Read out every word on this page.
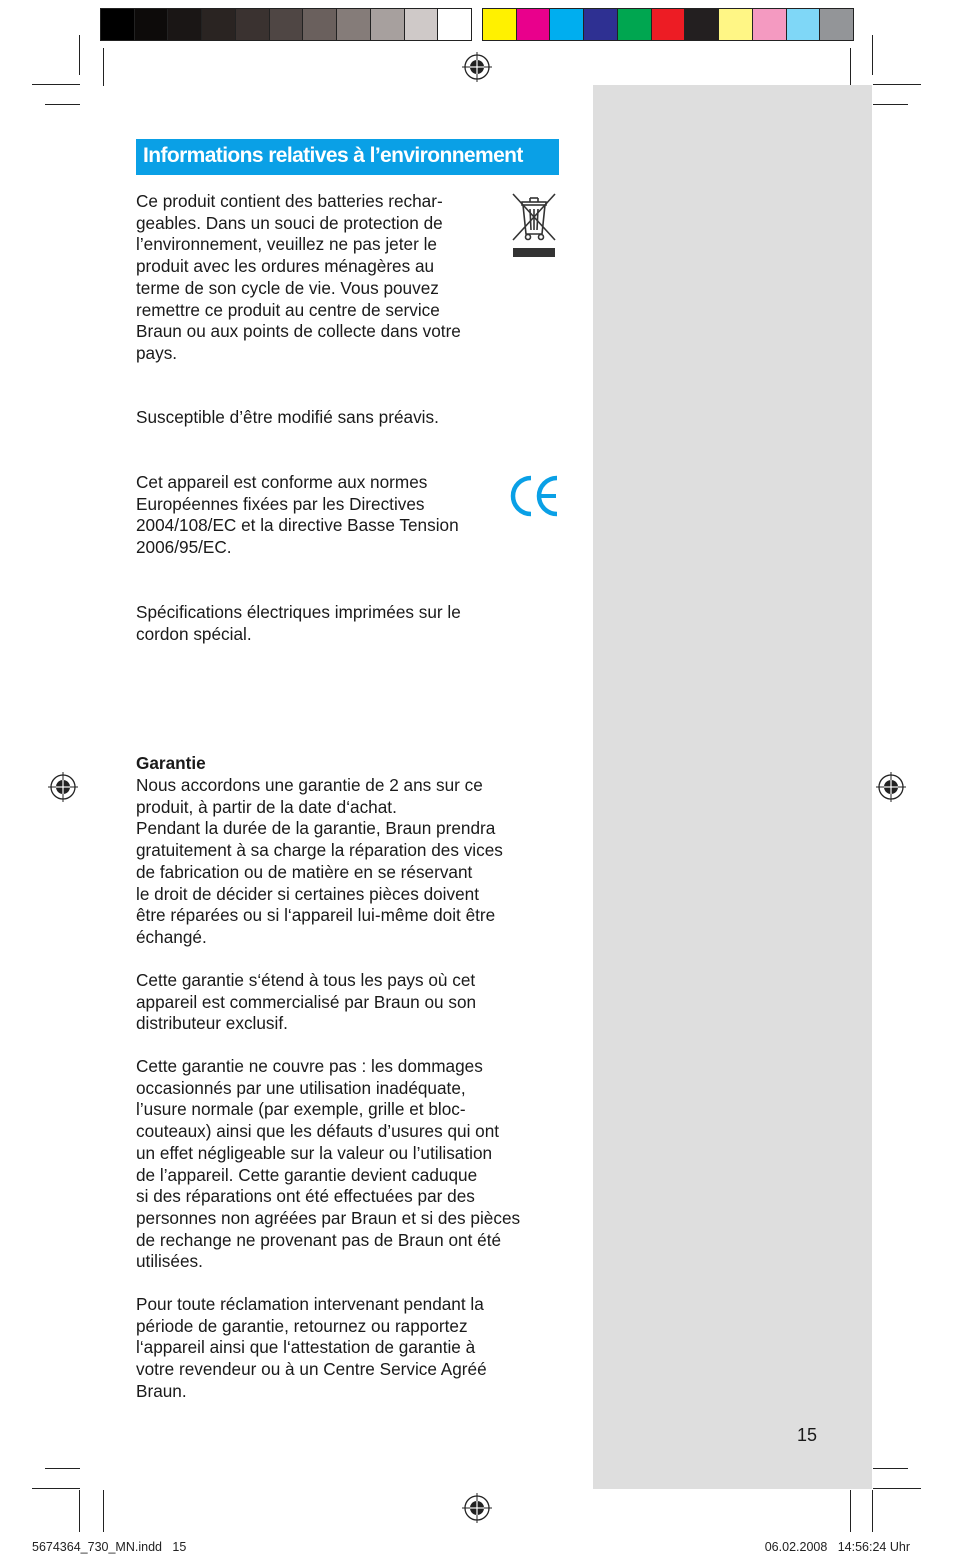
Informations relatives à l’environnement

Ce produit contient des batteries rechar-
geables. Dans un souci de protection de
l’environnement, veuillez ne pas jeter le
produit avec les ordures ménagères au
terme de son cycle de vie. Vous pouvez
remettre ce produit au centre de service
Braun ou aux points de collecte dans votre
pays.

Susceptible d’être modifié sans préavis.

Cet appareil est conforme aux normes
Européennes fixées par les Directives
2004/108/EC et la directive Basse Tension
2006/95/EC.

Spécifications électriques imprimées sur le
cordon spécial.

Garantie

Nous accordons une garantie de 2 ans sur ce
produit, à partir de la date d‘achat.
Pendant la durée de la garantie, Braun prendra
gratuitement à sa charge la réparation des vices
de fabrication ou de matière en se réservant
le droit de décider si certaines pièces doivent
être réparées ou si l‘appareil lui-même doit être
échangé.

Cette garantie s‘étend à tous les pays où cet
appareil est commercialisé par Braun ou son
distributeur exclusif.

Cette garantie ne couvre pas : les dommages
occasionnés par une utilisation inadéquate,
l’usure normale (par exemple, grille et bloc-
couteaux) ainsi que les défauts d’usures qui ont
un effet négligeable sur la valeur ou l’utilisation
de l’appareil. Cette garantie devient caduque
si des réparations ont été effectuées par des
personnes non agréées par Braun et si des pièces
de rechange ne provenant pas de Braun ont été
utilisées.

Pour toute réclamation intervenant pendant la
période de garantie, retournez ou rapportez
l‘appareil ainsi que l‘attestation de garantie à
votre revendeur ou à un Centre Service Agréé
Braun.

15
5674364_730_MN.indd   15	06.02.2008   14:56:24 Uhr
